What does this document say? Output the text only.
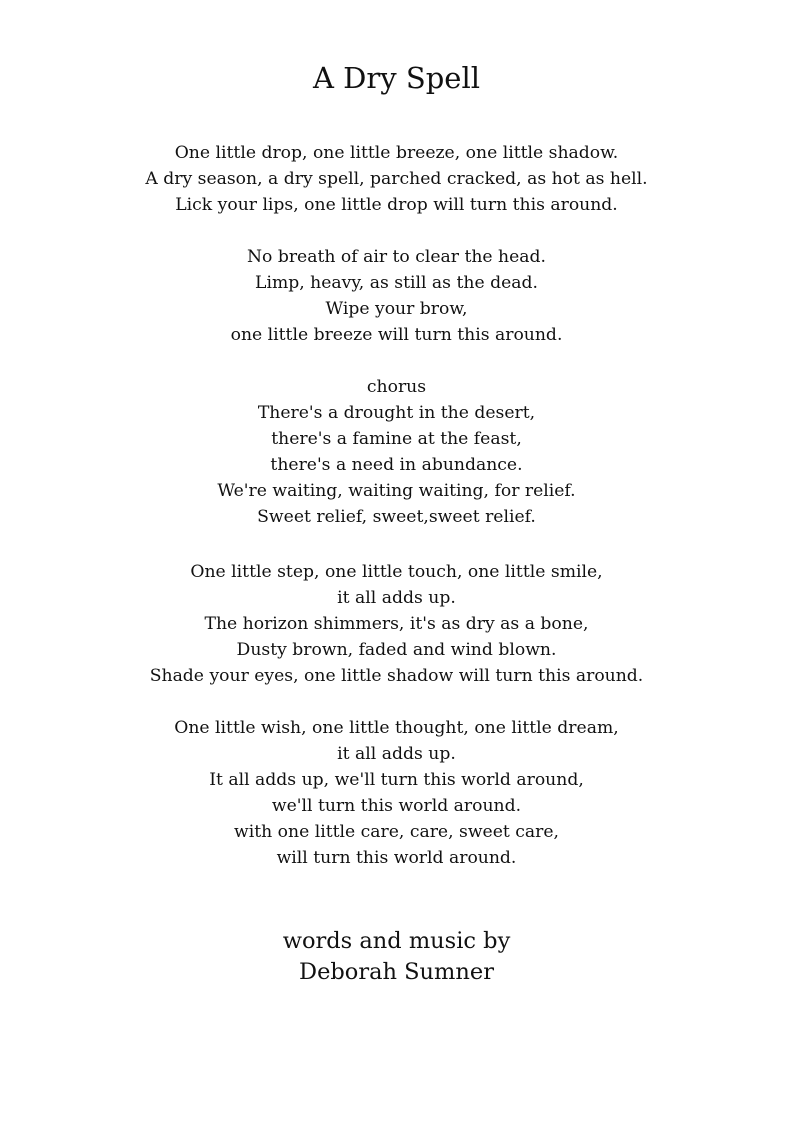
A Dry Spell
One little drop, one little breeze, one little shadow.
A dry season, a dry spell, parched cracked, as hot as hell.
Lick your lips, one little drop will turn this around.
No breath of air to clear the head.
Limp, heavy, as still as the dead.
Wipe your brow,
one little breeze will turn this around.
chorus
There's a drought in the desert,
there's a famine at the feast,
there's a need in abundance.
We're waiting, waiting waiting, for relief.
Sweet relief, sweet,sweet relief.
One little step, one little touch, one little smile,
it all adds up.
The horizon shimmers, it's as dry as a bone,
Dusty brown, faded and wind blown.
Shade your eyes, one little shadow will turn this around.
One little wish, one little thought, one little dream,
it all adds up.
It all adds up, we'll turn this world around,
we'll turn this world around.
with one little care, care, sweet care,
will turn this world around.
words and music by
Deborah Sumner
